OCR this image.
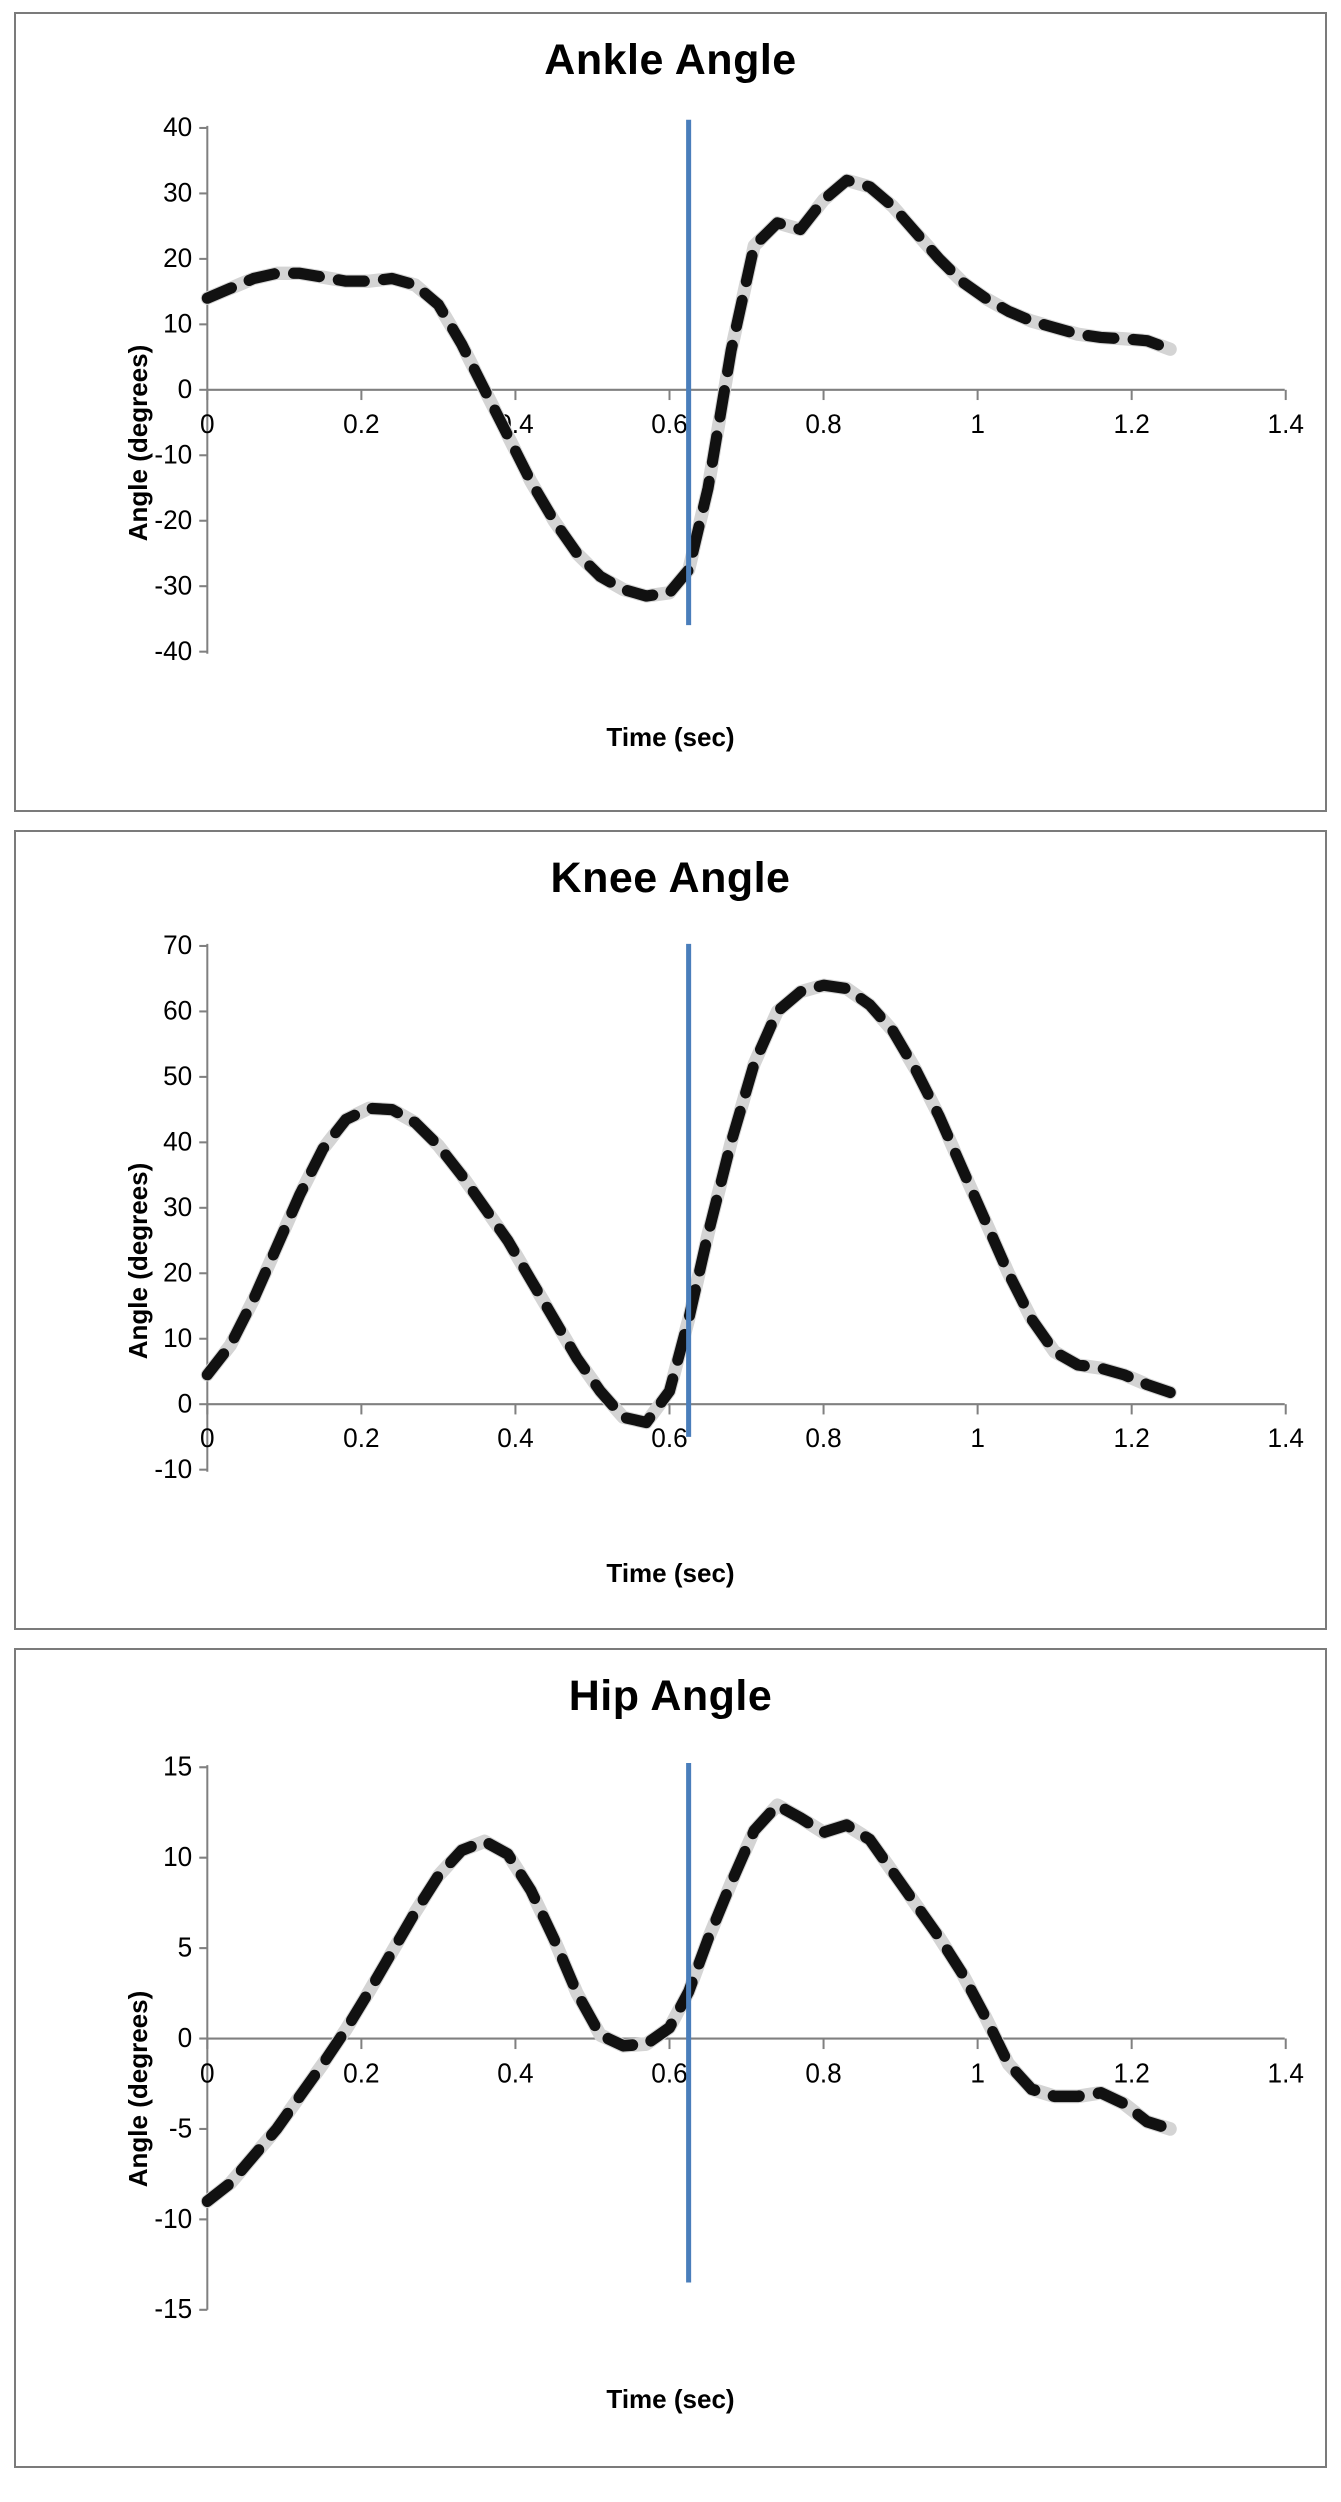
Ankle Angle
Angle (degrees)
40
30
20
10
0
-10
-20
-30
-40
0	0.2	0.4	0.6	0.8	1	1.2	1.4
Time (sec)
Knee Angle
Angle (degrees)
70
60
50
40
30
20
10
0
-10
0	0.2	0.4	0.6	0.8	1	1.2	1.4
Time (sec)
Hip Angle
Angle (degrees)
15
10
5
0
-5
-10
-15
0	0.2	0.4	0.6	0.8	1	1.2	1.4
Time (sec)
